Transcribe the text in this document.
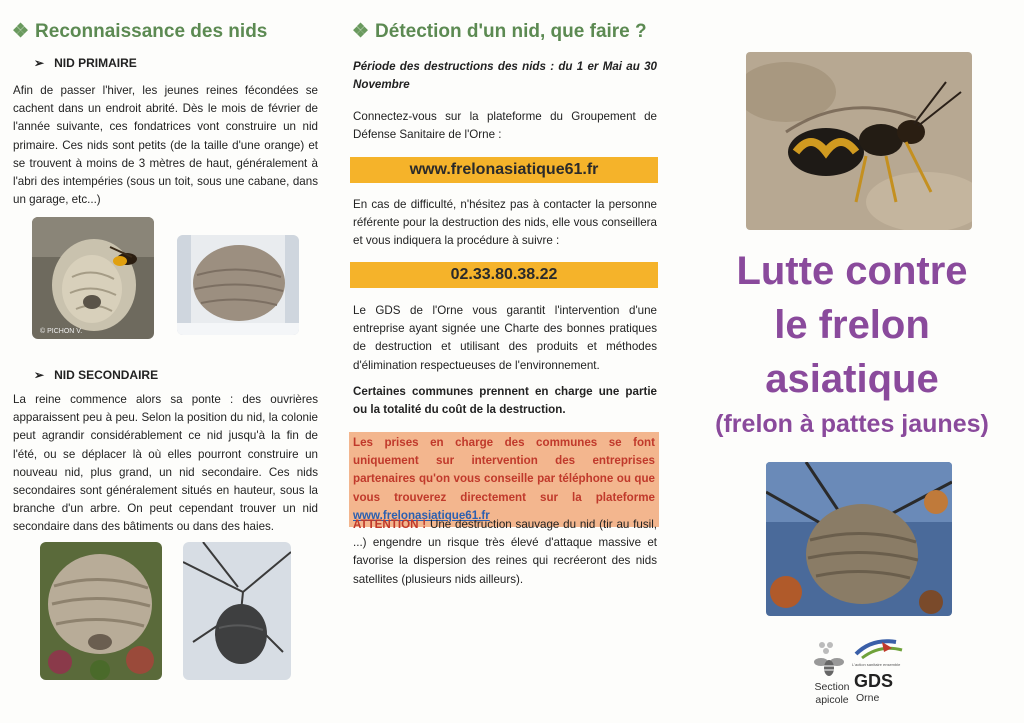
❖ Reconnaissance des nids
➢ NID PRIMAIRE
Afin de passer l'hiver, les jeunes reines fécondées se cachent dans un endroit abrité. Dès le mois de février de l'année suivante, ces fondatrices vont construire un nid primaire. Ces nids sont petits (de la taille d'une orange) et se trouvent à moins de 3 mètres de haut, généralement à l'abri des intempéries (sous un toit, sous une cabane, dans un garage, etc...)
© PICHON V.
➢ NID SECONDAIRE
La reine commence alors sa ponte : des ouvrières apparaissent peu à peu. Selon la position du nid, la colonie peut agrandir considérablement ce nid jusqu'à la fin de l'été, ou se déplacer là où elles pourront construire un nouveau nid, plus grand, un nid secondaire. Ces nids secondaires sont généralement situés en hauteur, sous la branche d'un arbre. On peut cependant trouver un nid secondaire dans des bâtiments ou dans des haies.
❖ Détection d'un nid, que faire ?
Période des destructions des nids : du 1 er Mai au 30 Novembre
Connectez-vous sur la plateforme du Groupement de Défense Sanitaire de l'Orne :
www.frelonasiatique61.fr
En cas de difficulté, n'hésitez pas à contacter la personne référente pour la destruction des nids, elle vous conseillera et vous indiquera la procédure à suivre :
02.33.80.38.22
Le GDS de l'Orne vous garantit l'intervention d'une entreprise ayant signée une Charte des bonnes pratiques de destruction et utilisant des produits et méthodes d'élimination respectueuses de l'environnement.
Certaines communes prennent en charge une partie ou la totalité du coût de la destruction.
Les prises en charge des communes se font uniquement sur intervention des entreprises partenaires qu'on vous conseille par téléphone ou que vous trouverez directement sur la plateforme www.frelonasiatique61.fr
ATTENTION ! Une destruction sauvage du nid (tir au fusil, ...) engendre un risque très élevé d'attaque massive et favorise la dispersion des reines qui recréeront des nids satellites (plusieurs nids ailleurs).
Lutte contre
le frelon
asiatique
(frelon à pattes jaunes)
Section
apicole
L'action sanitaire ensemble
GDS
Orne
